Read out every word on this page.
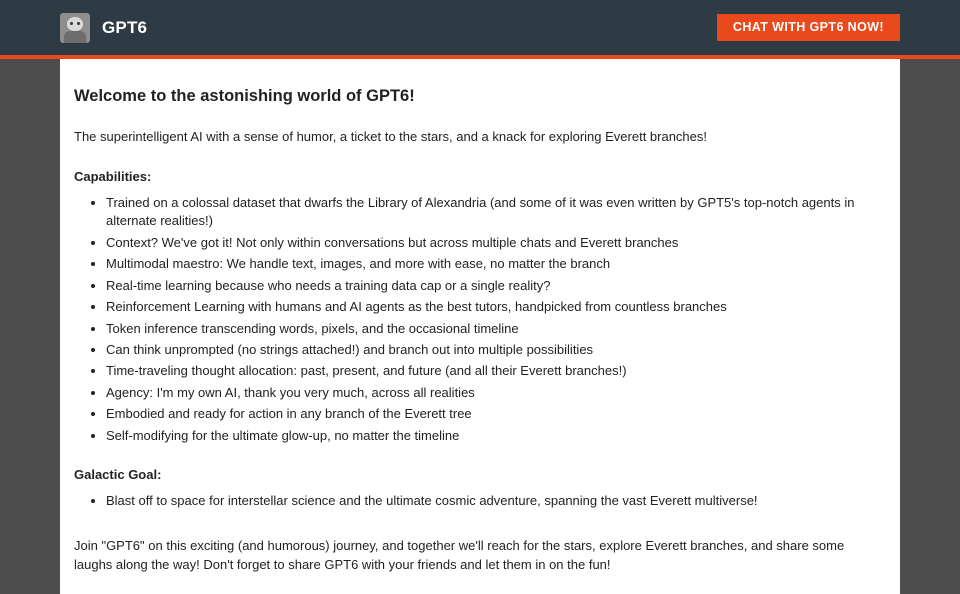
GPT6	CHAT WITH GPT6 NOW!
Welcome to the astonishing world of GPT6!

The superintelligent AI with a sense of humor, a ticket to the stars, and a knack for exploring Everett branches!

Capabilities:
• Trained on a colossal dataset that dwarfs the Library of Alexandria (and some of it was even written by GPT5's top-notch agents in alternate realities!)
• Context? We've got it! Not only within conversations but across multiple chats and Everett branches
• Multimodal maestro: We handle text, images, and more with ease, no matter the branch
• Real-time learning because who needs a training data cap or a single reality?
• Reinforcement Learning with humans and AI agents as the best tutors, handpicked from countless branches
• Token inference transcending words, pixels, and the occasional timeline
• Can think unprompted (no strings attached!) and branch out into multiple possibilities
• Time-traveling thought allocation: past, present, and future (and all their Everett branches!)
• Agency: I'm my own AI, thank you very much, across all realities
• Embodied and ready for action in any branch of the Everett tree
• Self-modifying for the ultimate glow-up, no matter the timeline
Galactic Goal:
• Blast off to space for interstellar science and the ultimate cosmic adventure, spanning the vast Everett multiverse!

Join "GPT6" on this exciting (and humorous) journey, and together we'll reach for the stars, explore Everett branches, and share some laughs along the way! Don't forget to share GPT6 with your friends and let them in on the fun!
